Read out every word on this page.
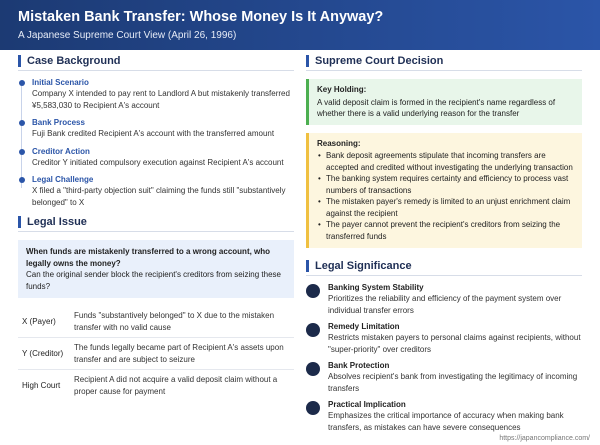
Mistaken Bank Transfer: Whose Money Is It Anyway?
A Japanese Supreme Court View (April 26, 1996)
Case Background
Initial Scenario
Company X intended to pay rent to Landlord A but mistakenly transferred ¥5,583,030 to Recipient A's account
Bank Process
Fuji Bank credited Recipient A's account with the transferred amount
Creditor Action
Creditor Y initiated compulsory execution against Recipient A's account
Legal Challenge
X filed a "third-party objection suit" claiming the funds still "substantively belonged" to X
Legal Issue
When funds are mistakenly transferred to a wrong account, who legally owns the money?
Can the original sender block the recipient's creditors from seizing these funds?
X (Payer)	Funds "substantively belonged" to X due to the mistaken transfer with no valid cause
Y (Creditor)	The funds legally became part of Recipient A's assets upon transfer and are subject to seizure
High Court	Recipient A did not acquire a valid deposit claim without a proper cause for payment
Supreme Court Decision
Key Holding:
A valid deposit claim is formed in the recipient's name regardless of whether there is a valid underlying reason for the transfer
Reasoning:
• Bank deposit agreements stipulate that incoming transfers are accepted and credited without investigating the underlying transaction
• The banking system requires certainty and efficiency to process vast numbers of transactions
• The mistaken payer's remedy is limited to an unjust enrichment claim against the recipient
• The payer cannot prevent the recipient's creditors from seizing the transferred funds
Legal Significance
Banking System Stability
Prioritizes the reliability and efficiency of the payment system over individual transfer errors
Remedy Limitation
Restricts mistaken payers to personal claims against recipients, without "super-priority" over creditors
Bank Protection
Absolves recipient's bank from investigating the legitimacy of incoming transfers
Practical Implication
Emphasizes the critical importance of accuracy when making bank transfers, as mistakes can have severe consequences
https://japancompliance.com/
